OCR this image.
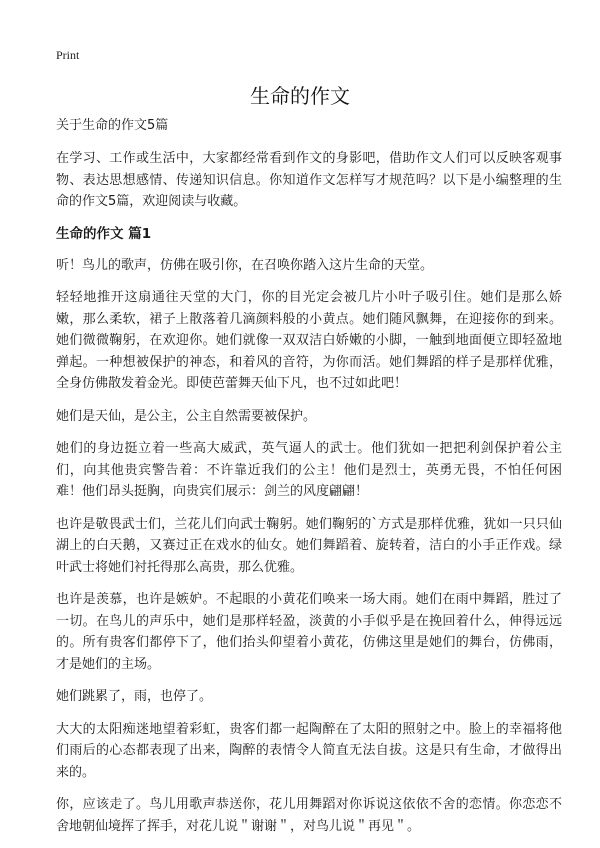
Print
生命的作文

关于生命的作文5篇

在学习、工作或生活中，大家都经常看到作文的身影吧，借助作文人们可以反映客观事物、表达思想感情、传递知识信息。你知道作文怎样写才规范吗？以下是小编整理的生命的作文5篇，欢迎阅读与收藏。

生命的作文 篇1

听！鸟儿的歌声，仿佛在吸引你，在召唤你踏入这片生命的天堂。

轻轻地推开这扇通往天堂的大门，你的目光定会被几片小叶子吸引住。她们是那么娇嫩，那么柔软，裙子上散落着几滴颜料般的小黄点。她们随风飘舞，在迎接你的到来。她们微微鞠躬，在欢迎你。她们就像一双双洁白娇嫩的小脚，一触到地面便立即轻盈地弹起。一种想被保护的神态，和着风的音符，为你而活。她们舞蹈的样子是那样优雅，全身仿佛散发着金光。即使芭蕾舞天仙下凡，也不过如此吧！

她们是天仙，是公主，公主自然需要被保护。

她们的身边挺立着一些高大威武，英气逼人的武士。他们犹如一把把利剑保护着公主们，向其他贵宾警告着：不许靠近我们的公主！他们是烈士，英勇无畏，不怕任何困难！他们昂头挺胸，向贵宾们展示：剑兰的风度翩翩！

也许是敬畏武士们，兰花儿们向武士鞠躬。她们鞠躬的`方式是那样优雅，犹如一只只仙湖上的白天鹅，又赛过正在戏水的仙女。她们舞蹈着、旋转着，洁白的小手正作戏。绿叶武士将她们衬托得那么高贵，那么优雅。

也许是羡慕，也许是嫉妒。不起眼的小黄花们唤来一场大雨。她们在雨中舞蹈，胜过了一切。在鸟儿的声乐中，她们是那样轻盈，淡黄的小手似乎是在挽回着什么，伸得远远的。所有贵客们都停下了，他们抬头仰望着小黄花，仿佛这里是她们的舞台，仿佛雨，才是她们的主场。

她们跳累了，雨，也停了。

大大的太阳痴迷地望着彩虹，贵客们都一起陶醉在了太阳的照射之中。脸上的幸福将他们雨后的心态都表现了出来，陶醉的表情令人简直无法自拔。这是只有生命，才做得出来的。

你，应该走了。鸟儿用歌声恭送你，花儿用舞蹈对你诉说这依依不舍的恋情。你恋恋不舍地朝仙境挥了挥手，对花儿说＂谢谢＂，对鸟儿说＂再见＂。
